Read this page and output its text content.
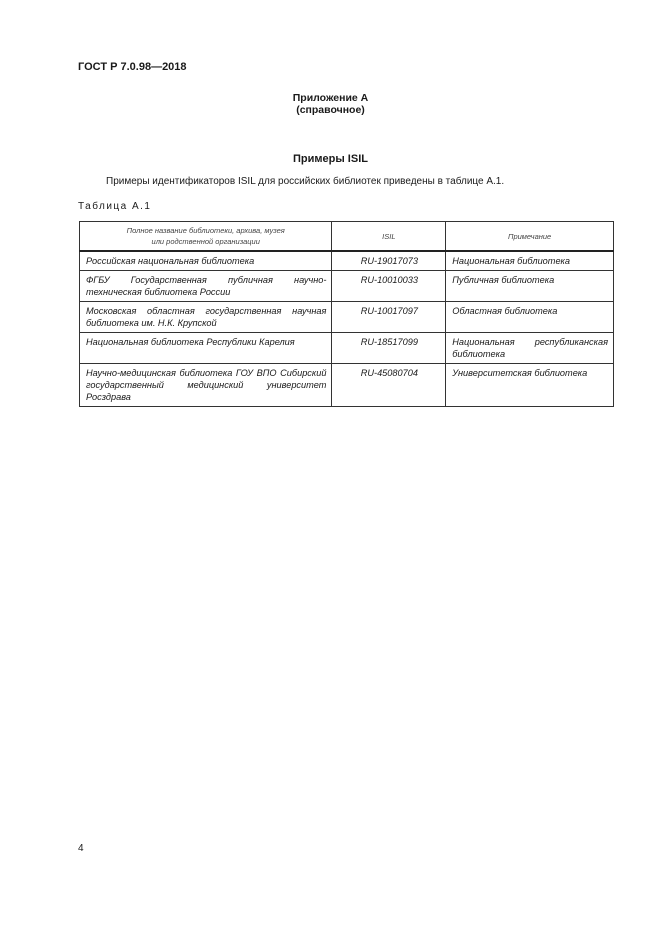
ГОСТ Р 7.0.98—2018
Приложение А
(справочное)
Примеры ISIL
Примеры идентификаторов ISIL для российских библиотек приведены в таблице А.1.
Таблица А.1
Полное название библиотеки, архива, музея
или родственной организации	ISIL	Примечание
Российская национальная библиотека	RU-19017073	Национальная библиотека
ФГБУ Государственная публичная научно-техническая библиотека России	RU-10010033	Публичная библиотека
Московская областная государственная научная библиотека им. Н.К. Крупской	RU-10017097	Областная библиотека
Национальная библиотека Республики Карелия	RU-18517099	Национальная республиканская библиотека
Научно-медицинская библиотека ГОУ ВПО Сибирский государственный медицинский университет Росздрава	RU-45080704	Университетская библиотека
4
